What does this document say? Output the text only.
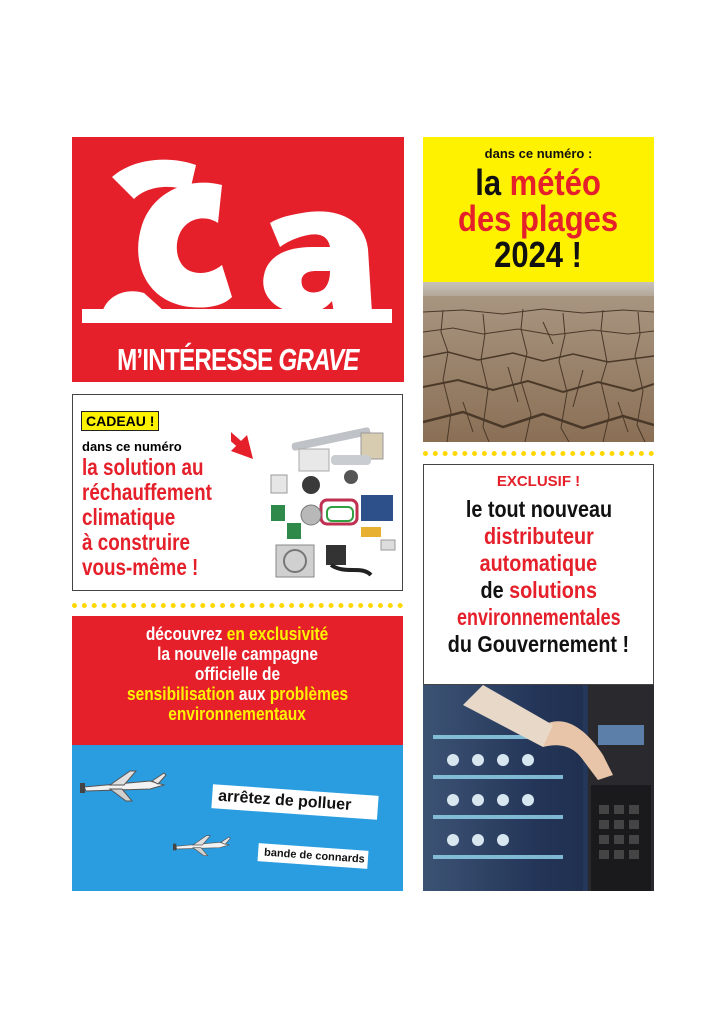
M’INTÉRESSE GRAVE
dans ce numéro :
la météo
des plages
2024 !
CADEAU !
dans ce numéro
la solution au
réchauffement
climatique
à construire
vous-même !
EXCLUSIF !
le tout nouveau
distributeur
automatique
de solutions
environnementales
du Gouvernement !
découvrez en exclusivité
la nouvelle campagne
officielle de
sensibilisation aux problèmes
environnementaux
arrêtez de polluer
bande de connards
